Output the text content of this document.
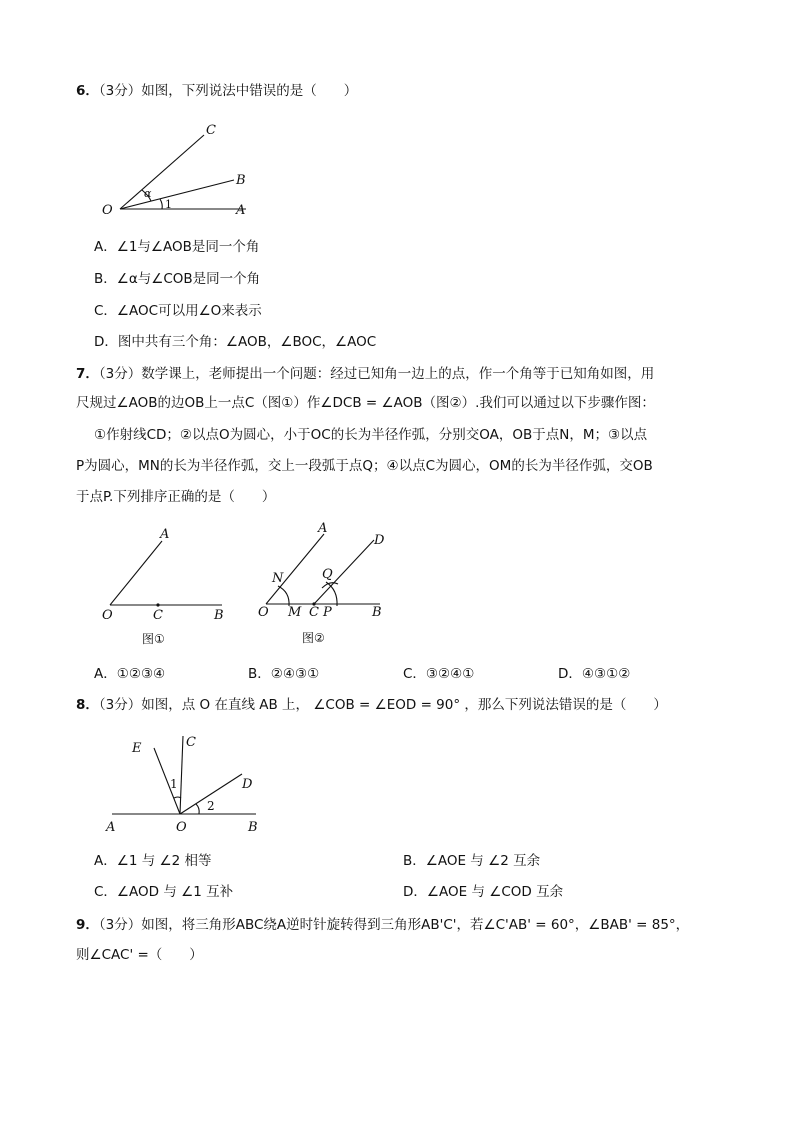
6．（3分）如图，下列说法中错误的是（　　）
C
B
O	A
α
1
A．∠1与∠AOB是同一个角
B．∠α与∠COB是同一个角
C．∠AOC可以用∠O来表示
D．图中共有三个角：∠AOB，∠BOC，∠AOC
7．（3分）数学课上，老师提出一个问题：经过已知角一边上的点，作一个角等于已知角如图，用
尺规过∠AOB的边OB上一点C（图①）作∠DCB = ∠AOB（图②）.我们可以通过以下步骤作图：
①作射线CD；②以点O为圆心，小于OC的长为半径作弧，分别交OA，OB于点N，M；③以点
P为圆心，MN的长为半径作弧，交上一段弧于点Q；④以点C为圆心，OM的长为半径作弧，交OB
于点P.下列排序正确的是（　　）
A
O	C	B
图①
A
D
N	Q
O M C P	B
图②
A．①②③④	B．②④③①	C．③②④①	D．④③①②
8．（3分）如图，点 O 在直线 AB 上， ∠COB = ∠EOD = 90° ，那么下列说法错误的是（　　）
E	C
D
1
2
A	O	B
A．∠1 与 ∠2 相等	B．∠AOE 与 ∠2 互余
C．∠AOD 与 ∠1 互补	D．∠AOE 与 ∠COD 互余
9．（3分）如图，将三角形ABC绕A逆时针旋转得到三角形AB'C'，若∠C'AB' = 60°，∠BAB' = 85°，
则∠CAC' =（　　）
